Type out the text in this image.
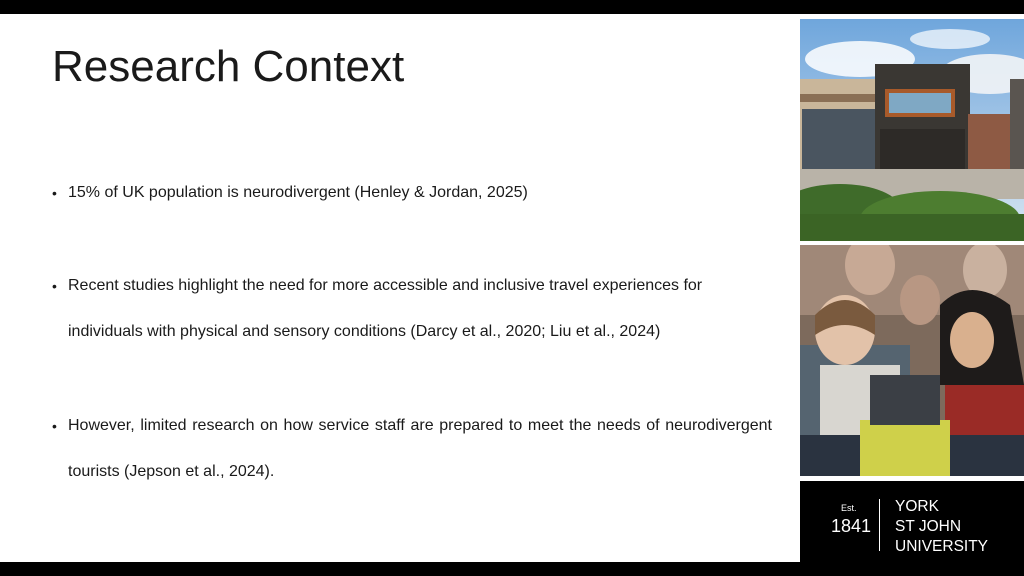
Research Context
• 15% of UK population is neurodivergent (Henley & Jordan, 2025)
• Recent studies highlight the need for more accessible and inclusive travel experiences for individuals with physical and sensory conditions (Darcy et al., 2020; Liu et al., 2024)
• However, limited research on how service staff are prepared to meet the needs of neurodivergent tourists (Jepson et al., 2024).
Est.
1841
YORK
ST JOHN
UNIVERSITY
